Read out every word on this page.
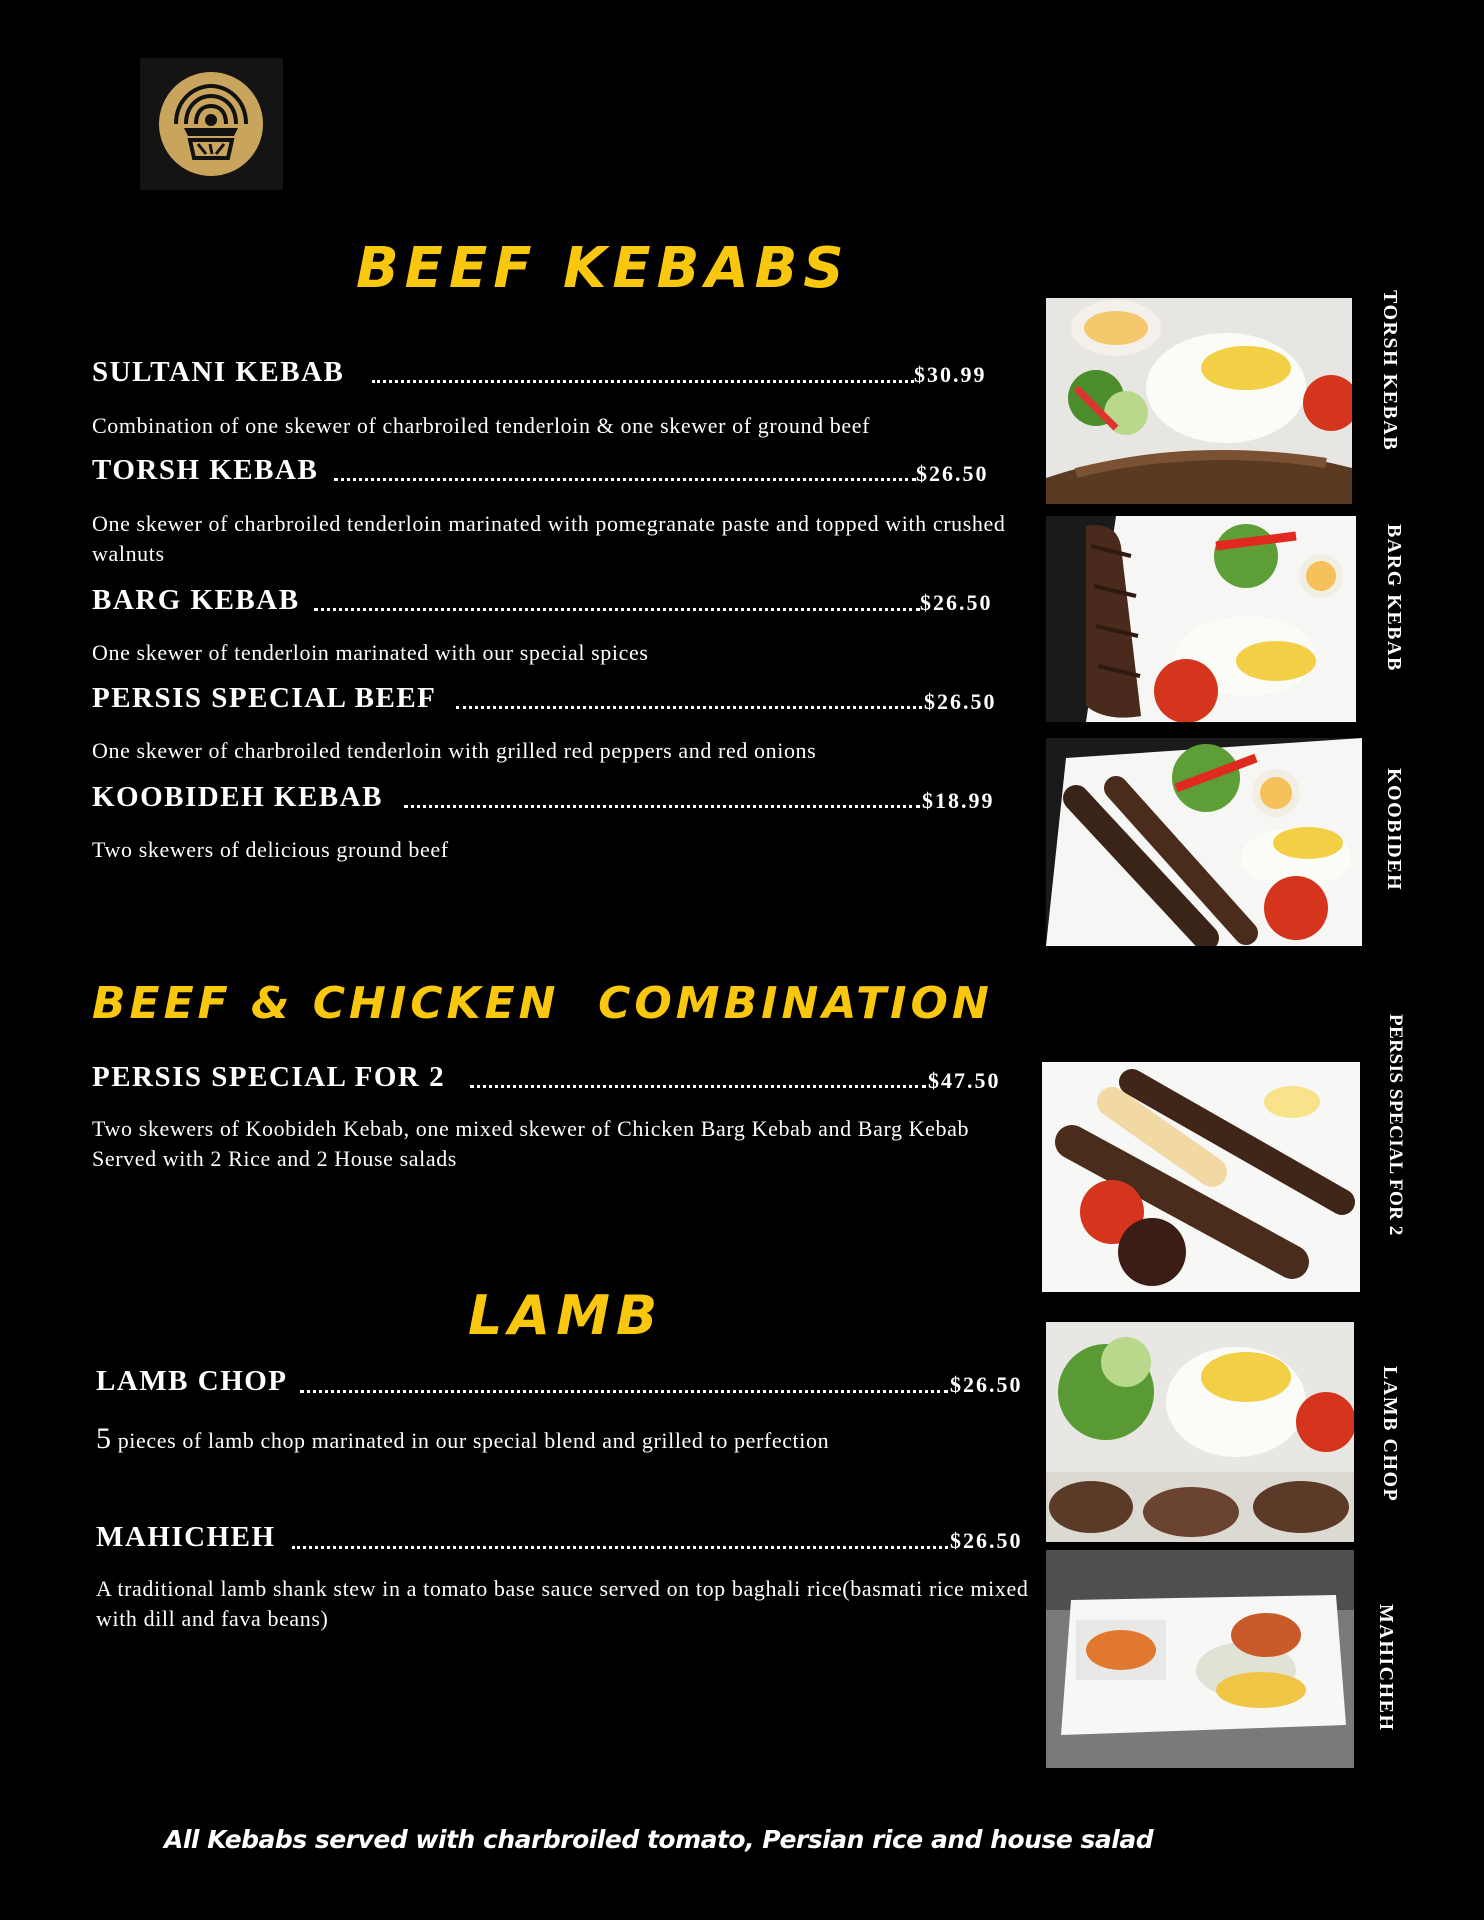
BEEF KEBABS
BEEF & CHICKEN  COMBINATION
LAMB
SULTANI KEBAB	$30.99
Combination of one skewer of charbroiled tenderloin & one skewer of ground beef
TORSH KEBAB	$26.50
One skewer of charbroiled tenderloin marinated with pomegranate paste and topped with crushed walnuts
BARG KEBAB	$26.50
One skewer of tenderloin marinated with our special spices
PERSIS SPECIAL BEEF	$26.50
One skewer of charbroiled tenderloin with grilled red peppers and red onions
KOOBIDEH KEBAB	$18.99
Two skewers of delicious ground beef
PERSIS SPECIAL FOR 2	$47.50
Two skewers of Koobideh Kebab, one mixed skewer of Chicken Barg Kebab and Barg Kebab Served with 2 Rice and 2 House salads
LAMB CHOP	$26.50
5 pieces of lamb chop marinated in our special blend and grilled to perfection
MAHICHEH	$26.50
A traditional lamb shank stew in a tomato base sauce served on top baghali rice(basmati rice mixed with dill and fava beans)
TORSH KEBAB
BARG KEBAB
KOOBIDEH
PERSIS SPECIAL FOR 2
LAMB CHOP
MAHICHEH
All Kebabs served with charbroiled tomato, Persian rice and house salad
